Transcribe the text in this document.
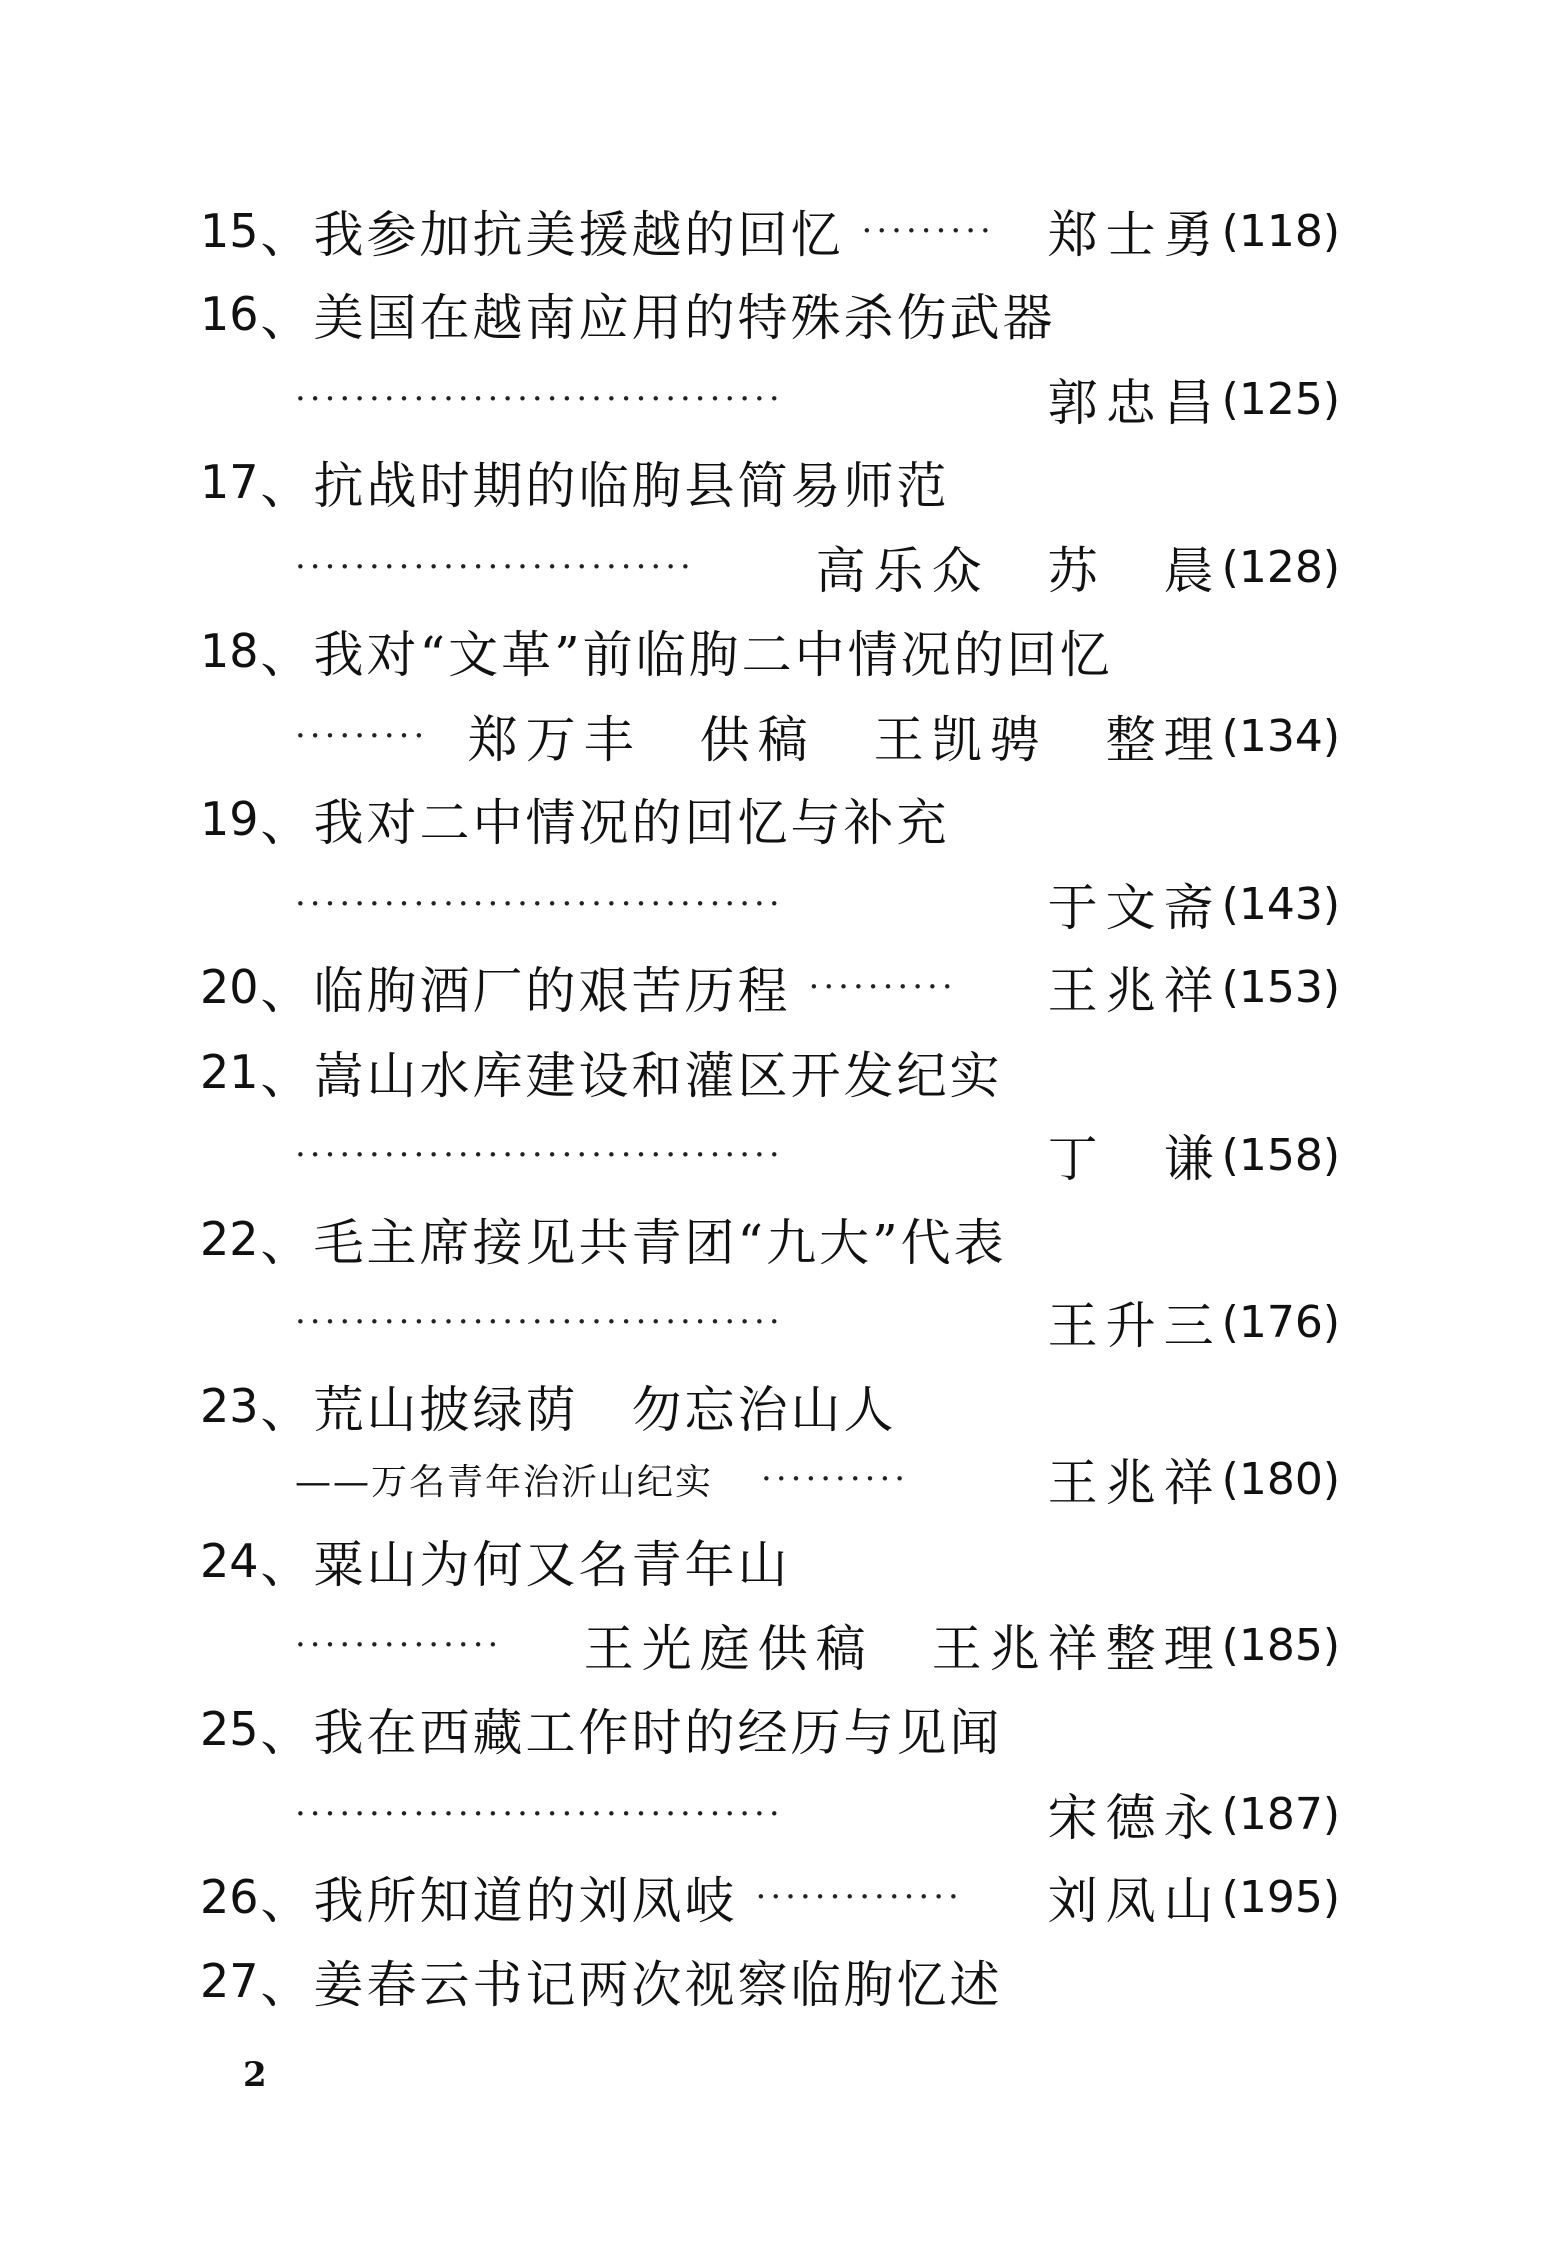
15 、我参加抗美援越的回忆 ·········	郑士勇 (118)
16 、美国在越南应用的特殊杀伤武器
·································	郭忠昌 (125)
17 、抗战时期的临朐县简易师范
···························	高乐众　苏　晨 (128)
18 、我对“文革”前临朐二中情况的回忆
········· 郑万丰　供稿　王凯骋　整理 (134)
19 、我对二中情况的回忆与补充
·································	于文斋 (143)
20 、临朐酒厂的艰苦历程 ··········	王兆祥 (153)
21 、嵩山水库建设和灌区开发纪实
·································	丁　谦 (158)
22 、毛主席接见共青团“九大”代表
·································	王升三 (176)
23 、荒山披绿荫　勿忘治山人
——万名青年治沂山纪实 ··········	王兆祥 (180)
24 、粟山为何又名青年山
·············· 王光庭供稿　王兆祥整理 (185)
25 、我在西藏工作时的经历与见闻
·································	宋德永 (187)
26 、我所知道的刘凤岐 ··············	刘凤山 (195)
27 、姜春云书记两次视察临朐忆述
2
